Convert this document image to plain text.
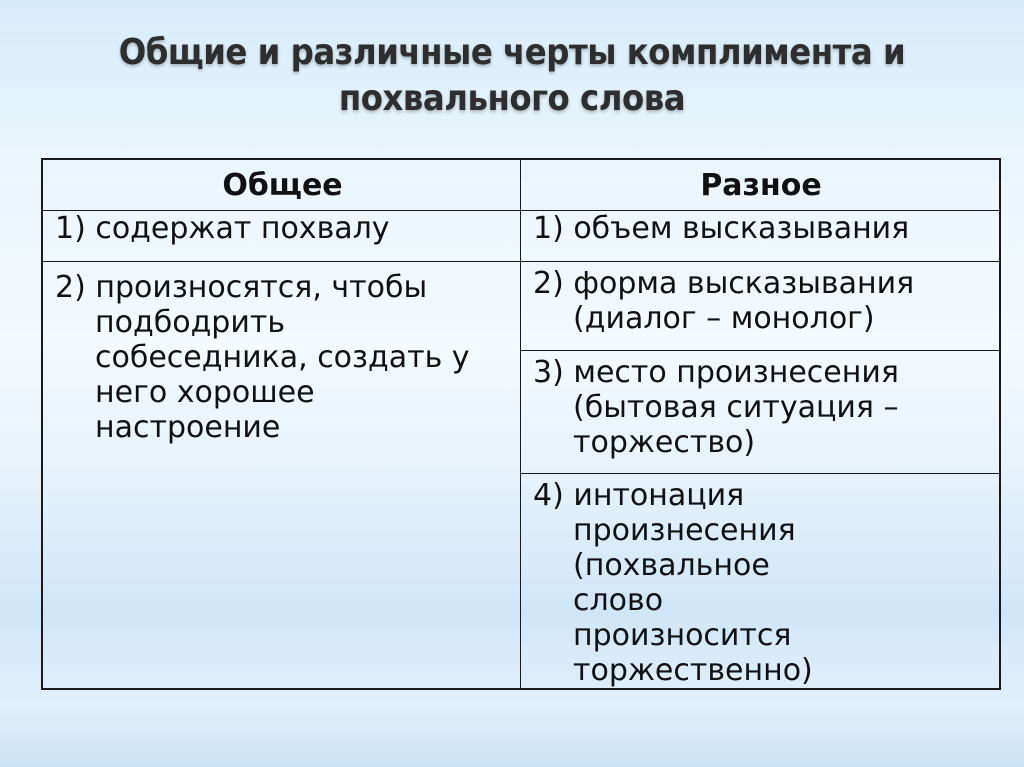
Общие и различные черты комплимента и
похвального слова
Общее	Разное

1) содержат похвалу	1) объем высказывания

2) произносятся, чтобы подбодрить собеседника, создать у него хорошее настроение	2) форма высказывания (диалог – монолог)

	3) место произнесения (бытовая ситуация – торжество)

	4) интонация произнесения (похвальное слово произносится торжественно)
